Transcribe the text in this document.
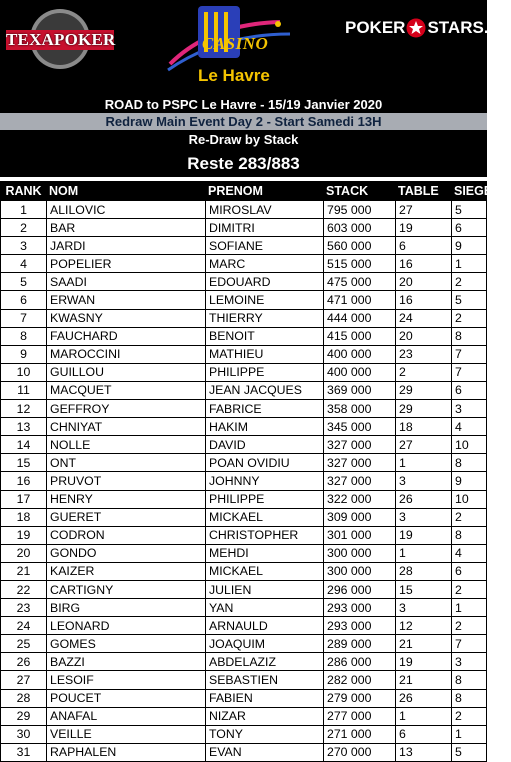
TEXAPOKER	CASINO
Le Havre
POKER STARS.FR
ROAD to PSPC Le Havre - 15/19 Janvier 2020
Redraw Main Event Day 2 - Start Samedi 13H
Re-Draw by Stack
Reste 283/883
RANK	NOM	PRENOM	STACK	TABLE	SIEGE
1	ALILOVIC	MIROSLAV	795 000	27	5
2	BAR	DIMITRI	603 000	19	6
3	JARDI	SOFIANE	560 000	6	9
4	POPELIER	MARC	515 000	16	1
5	SAADI	EDOUARD	475 000	20	2
6	ERWAN	LEMOINE	471 000	16	5
7	KWASNY	THIERRY	444 000	24	2
8	FAUCHARD	BENOIT	415 000	20	8
9	MAROCCINI	MATHIEU	400 000	23	7
10	GUILLOU	PHILIPPE	400 000	2	7
11	MACQUET	JEAN JACQUES	369 000	29	6
12	GEFFROY	FABRICE	358 000	29	3
13	CHNIYAT	HAKIM	345 000	18	4
14	NOLLE	DAVID	327 000	27	10
15	ONT	POAN OVIDIU	327 000	1	8
16	PRUVOT	JOHNNY	327 000	3	9
17	HENRY	PHILIPPE	322 000	26	10
18	GUERET	MICKAEL	309 000	3	2
19	CODRON	CHRISTOPHER	301 000	19	8
20	GONDO	MEHDI	300 000	1	4
21	KAIZER	MICKAEL	300 000	28	6
22	CARTIGNY	JULIEN	296 000	15	2
23	BIRG	YAN	293 000	3	1
24	LEONARD	ARNAULD	293 000	12	2
25	GOMES	JOAQUIM	289 000	21	7
26	BAZZI	ABDELAZIZ	286 000	19	3
27	LESOIF	SEBASTIEN	282 000	21	8
28	POUCET	FABIEN	279 000	26	8
29	ANAFAL	NIZAR	277 000	1	2
30	VEILLE	TONY	271 000	6	1
31	RAPHALEN	EVAN	270 000	13	5
